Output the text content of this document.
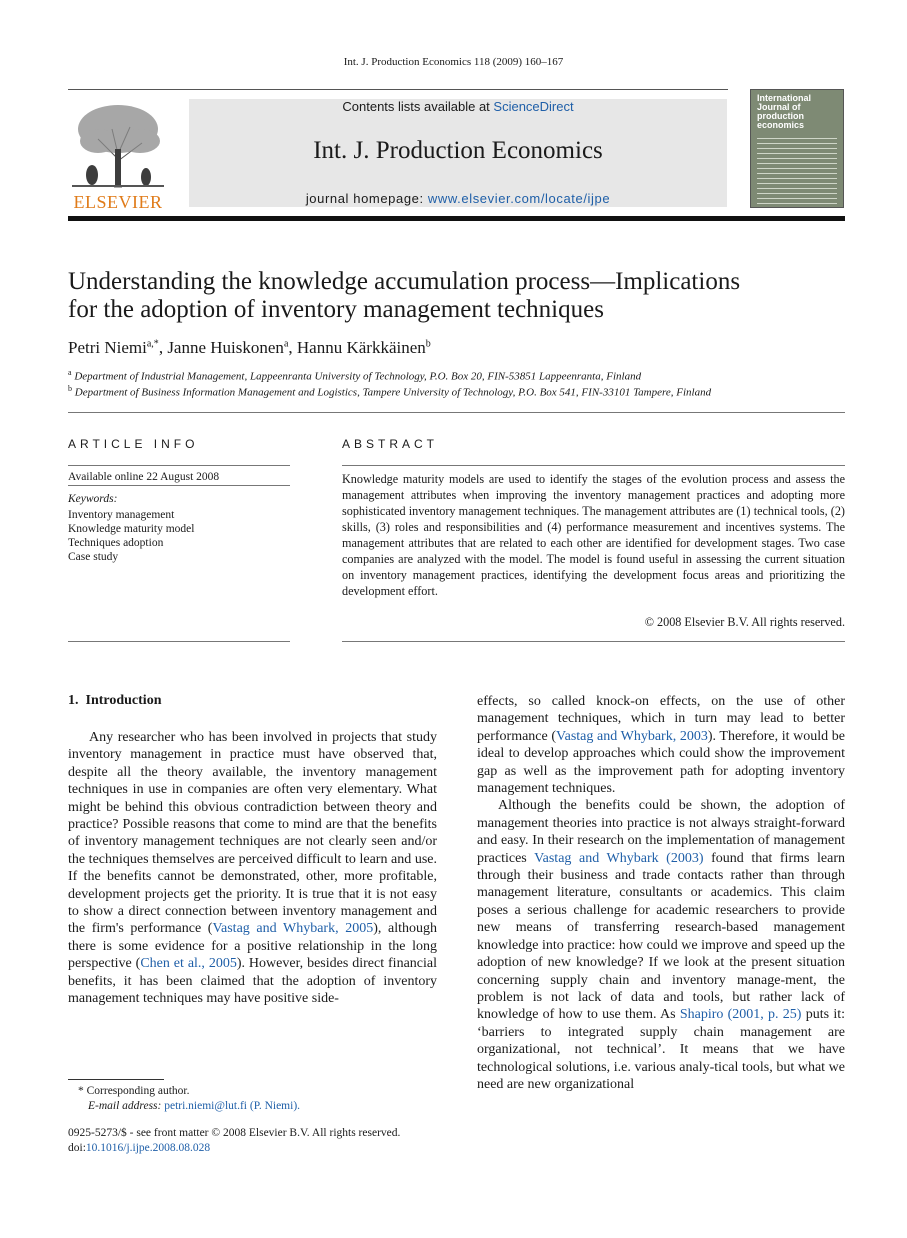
Int. J. Production Economics 118 (2009) 160–167
ELSEVIER
Contents lists available at ScienceDirect
Int. J. Production Economics
journal homepage: www.elsevier.com/locate/ijpe
International Journal of production economics
Understanding the knowledge accumulation process—Implications
for the adoption of inventory management techniques
Petri Niemi$^{a,*}$, Janne Huiskonen$^a$, Hannu Kärkkäinen$^b$
$^a$ Department of Industrial Management, Lappeenranta University of Technology, P.O. Box 20, FIN-53851 Lappeenranta, Finland
$^b$ Department of Business Information Management and Logistics, Tampere University of Technology, P.O. Box 541, FIN-33101 Tampere, Finland
ARTICLE INFO
Available online 22 August 2008
Keywords:
Inventory management
Knowledge maturity model
Techniques adoption
Case study
ABSTRACT
Knowledge maturity models are used to identify the stages of the evolution process and assess the management attributes when improving the inventory management practices and adopting more sophisticated inventory management techniques. The management attributes are (1) technical tools, (2) skills, (3) roles and responsibilities and (4) performance measurement and incentives systems. The management attributes that are related to each other are identified for development stages. Two case companies are analyzed with the model. The model is found useful in assessing the current situation on inventory management practices, identifying the development focus areas and prioritizing the development effort.
© 2008 Elsevier B.V. All rights reserved.
1. Introduction

Any researcher who has been involved in projects that study inventory management in practice must have observed that, despite all the theory available, the inventory management techniques in use in companies are often very elementary. What might be behind this obvious contradiction between theory and practice? Possible reasons that come to mind are that the benefits of inventory management techniques are not clearly seen and/or the techniques themselves are perceived difficult to learn and use. If the benefits cannot be demonstrated, other, more profitable, development projects get the priority. It is true that it is not easy to show a direct connection between inventory management and the firm's performance (Vastag and Whybark, 2005), although there is some evidence for a positive relationship in the long perspective (Chen et al., 2005). However, besides direct financial benefits, it has been claimed that the adoption of inventory management techniques may have positive side-

effects, so called knock-on effects, on the use of other management techniques, which in turn may lead to better performance (Vastag and Whybark, 2003). Therefore, it would be ideal to develop approaches which could show the improvement gap as well as the improvement path for adopting inventory management techniques.

Although the benefits could be shown, the adoption of management theories into practice is not always straight-forward and easy. In their research on the implementation of management practices Vastag and Whybark (2003) found that firms learn through their business and trade contacts rather than through management literature, consultants or academics. This claim poses a serious challenge for academic researchers to provide new means of transferring research-based management knowledge into practice: how could we improve and speed up the adoption of new knowledge? If we look at the present situation concerning supply chain and inventory manage-ment, the problem is not lack of data and tools, but rather lack of knowledge of how to use them. As Shapiro (2001, p. 25) puts it: ‘barriers to integrated supply chain management are organizational, not technical’. It means that we have technological solutions, i.e. various analy-tical tools, but what we need are new organizational

* Corresponding author.
E-mail address: petri.niemi@lut.fi (P. Niemi).
0925-5273/$ - see front matter © 2008 Elsevier B.V. All rights reserved.
doi:10.1016/j.ijpe.2008.08.028
